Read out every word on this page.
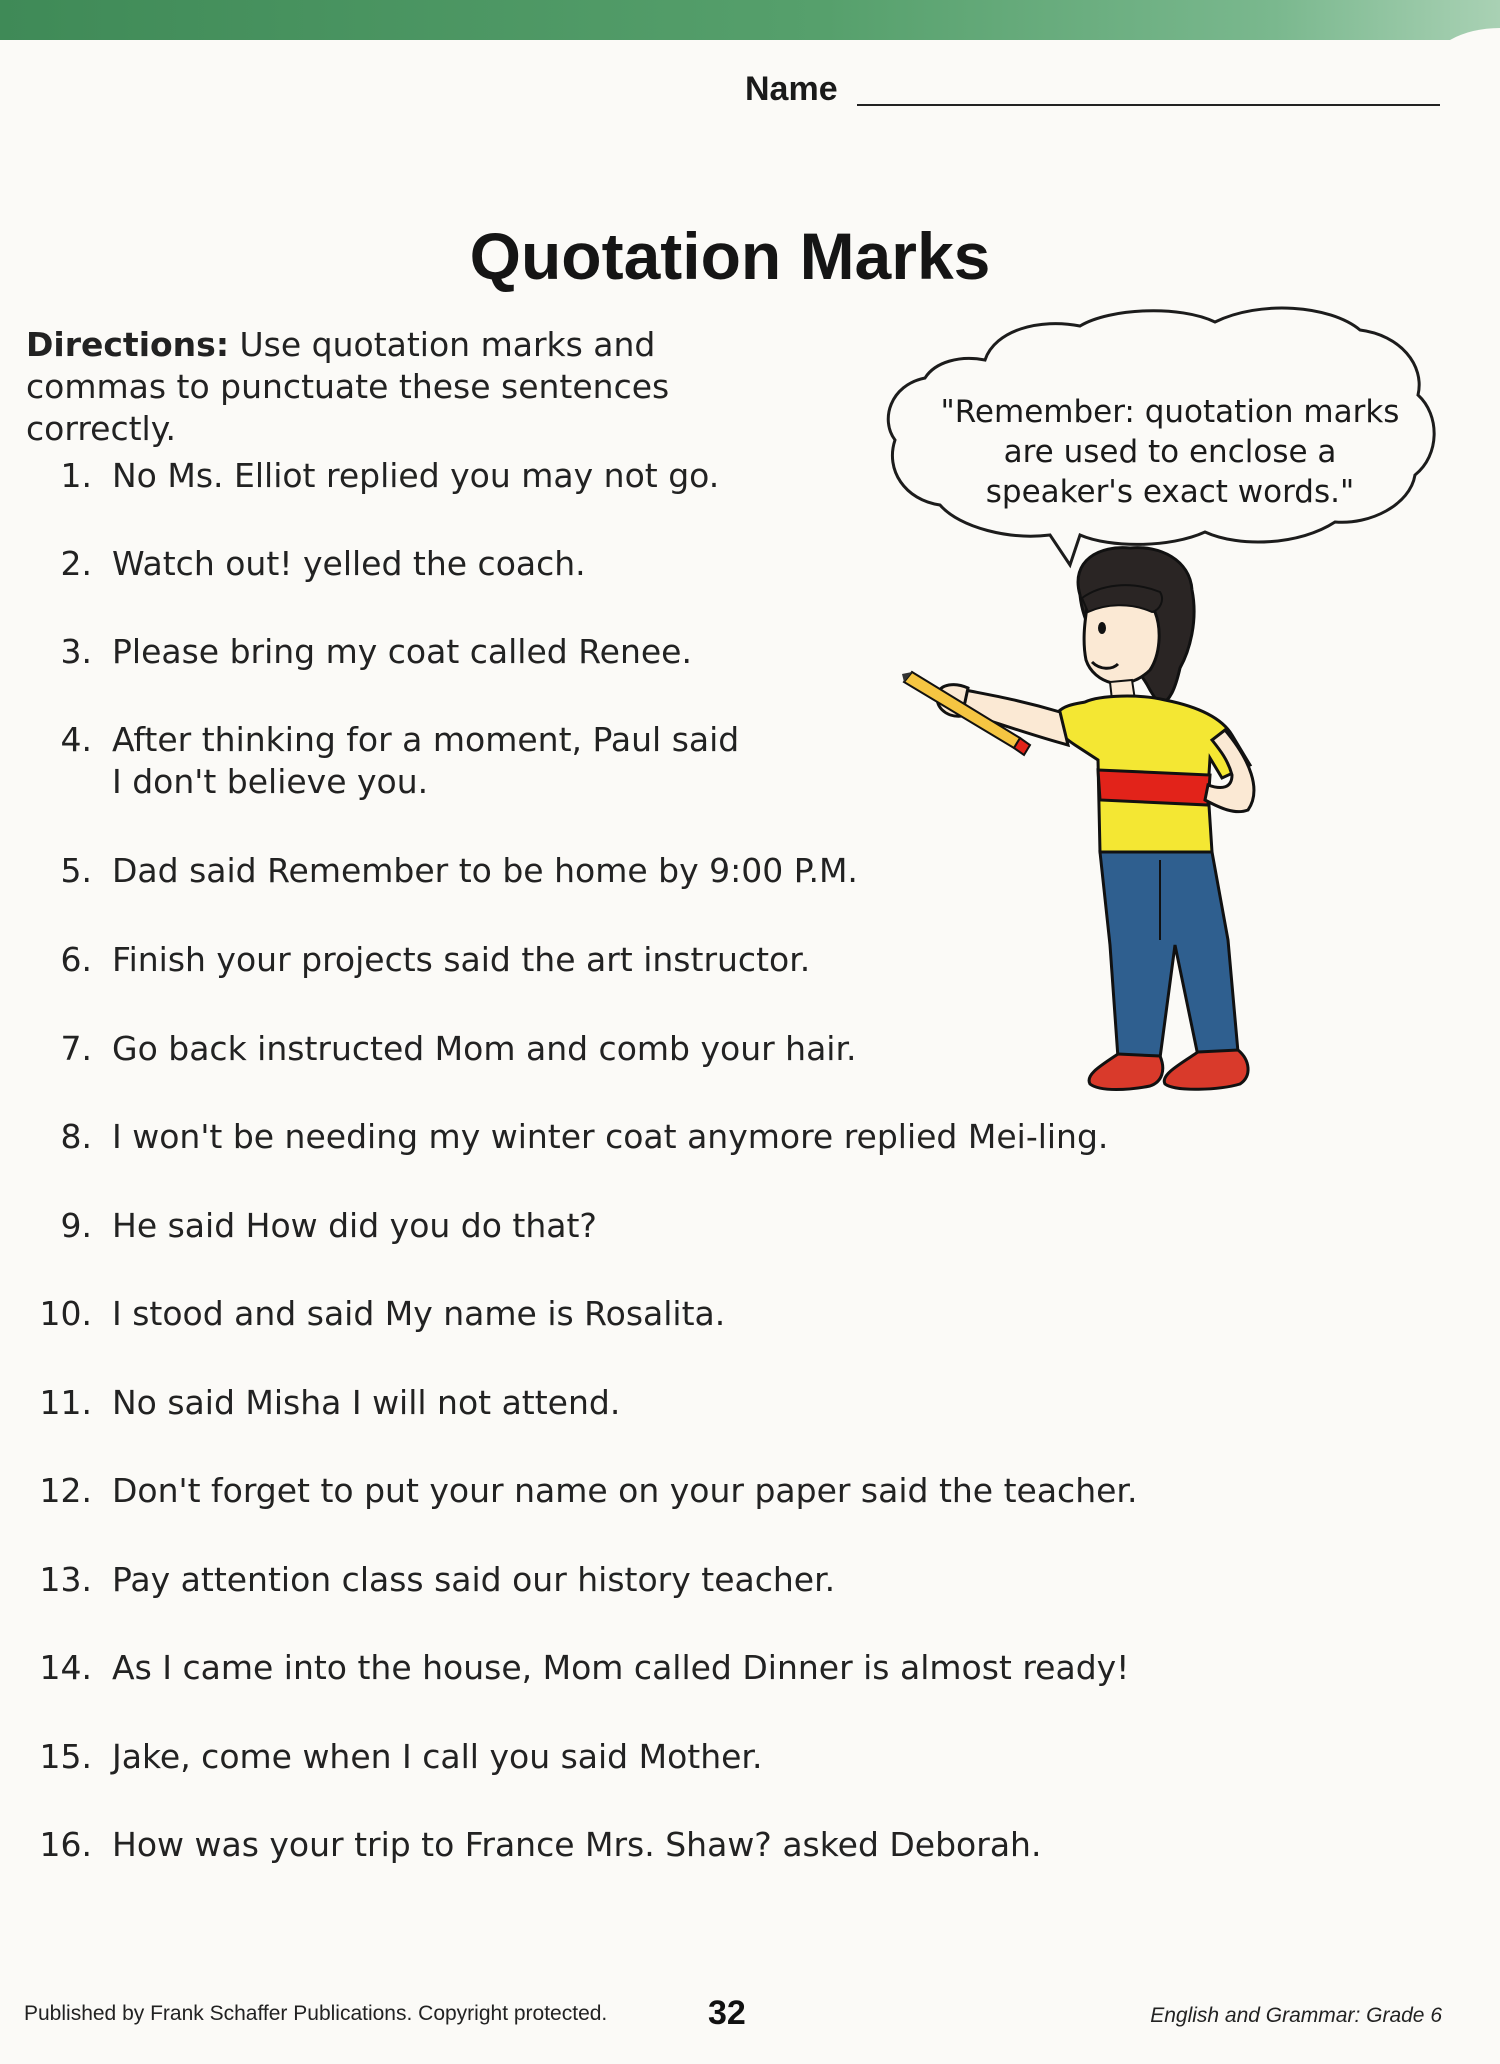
Name
Quotation Marks
Directions: Use quotation marks and commas to punctuate these sentences correctly.	"Remember: quotation marks
are used to enclose a
speaker's exact words."
1. No Ms. Elliot replied you may not go.
2. Watch out! yelled the coach.
3. Please bring my coat called Renee.
4. After thinking for a moment, Paul said
I don't believe you.
5. Dad said Remember to be home by 9:00 P.M.
6. Finish your projects said the art instructor.
7. Go back instructed Mom and comb your hair.
8. I won't be needing my winter coat anymore replied Mei-ling.
9. He said How did you do that?
10. I stood and said My name is Rosalita.
11. No said Misha I will not attend.
12. Don't forget to put your name on your paper said the teacher.
13. Pay attention class said our history teacher.
14. As I came into the house, Mom called Dinner is almost ready!
15. Jake, come when I call you said Mother.
16. How was your trip to France Mrs. Shaw? asked Deborah.
Published by Frank Schaffer Publications. Copyright protected.	32	English and Grammar: Grade 6
